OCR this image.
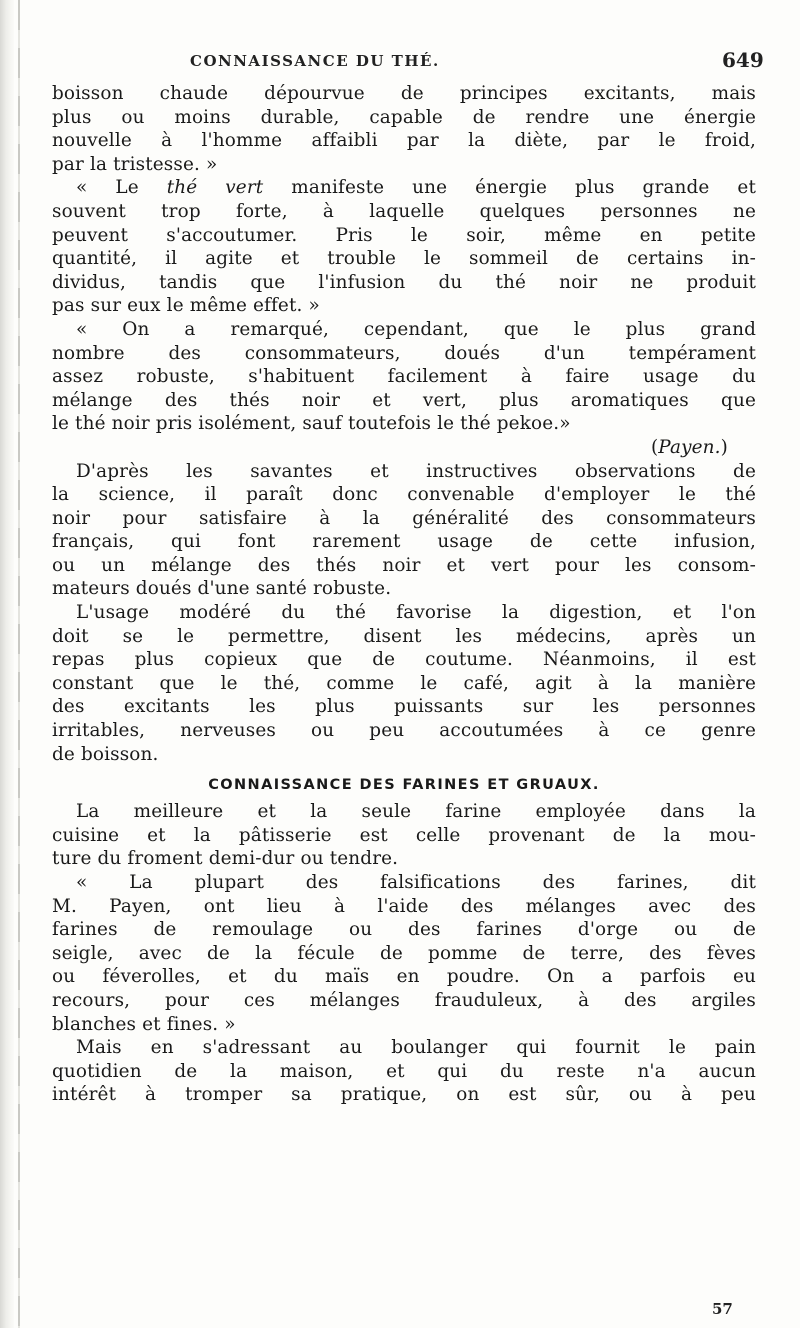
CONNAISSANCE DU THÉ.	649
boisson chaude dépourvue de principes excitants, mais
plus ou moins durable, capable de rendre une énergie
nouvelle à l'homme affaibli par la diète, par le froid,
par la tristesse. »
« Le thé vert manifeste une énergie plus grande et
souvent trop forte, à laquelle quelques personnes ne
peuvent s'accoutumer. Pris le soir, même en petite
quantité, il agite et trouble le sommeil de certains in-
dividus, tandis que l'infusion du thé noir ne produit
pas sur eux le même effet. »
« On a remarqué, cependant, que le plus grand
nombre des consommateurs, doués d'un tempérament
assez robuste, s'habituent facilement à faire usage du
mélange des thés noir et vert, plus aromatiques que
le thé noir pris isolément, sauf toutefois le thé pekoe.»
(Payen.)
D'après les savantes et instructives observations de
la science, il paraît donc convenable d'employer le thé
noir pour satisfaire à la généralité des consommateurs
français, qui font rarement usage de cette infusion,
ou un mélange des thés noir et vert pour les consom-
mateurs doués d'une santé robuste.
L'usage modéré du thé favorise la digestion, et l'on
doit se le permettre, disent les médecins, après un
repas plus copieux que de coutume. Néanmoins, il est
constant que le thé, comme le café, agit à la manière
des excitants les plus puissants sur les personnes
irritables, nerveuses ou peu accoutumées à ce genre
de boisson.
CONNAISSANCE DES FARINES ET GRUAUX.
La meilleure et la seule farine employée dans la
cuisine et la pâtisserie est celle provenant de la mou-
ture du froment demi-dur ou tendre.
« La plupart des falsifications des farines, dit
M. Payen, ont lieu à l'aide des mélanges avec des
farines de remoulage ou des farines d'orge ou de
seigle, avec de la fécule de pomme de terre, des fèves
ou féverolles, et du maïs en poudre. On a parfois eu
recours, pour ces mélanges frauduleux, à des argiles
blanches et fines. »
Mais en s'adressant au boulanger qui fournit le pain
quotidien de la maison, et qui du reste n'a aucun
intérêt à tromper sa pratique, on est sûr, ou à peu
57
